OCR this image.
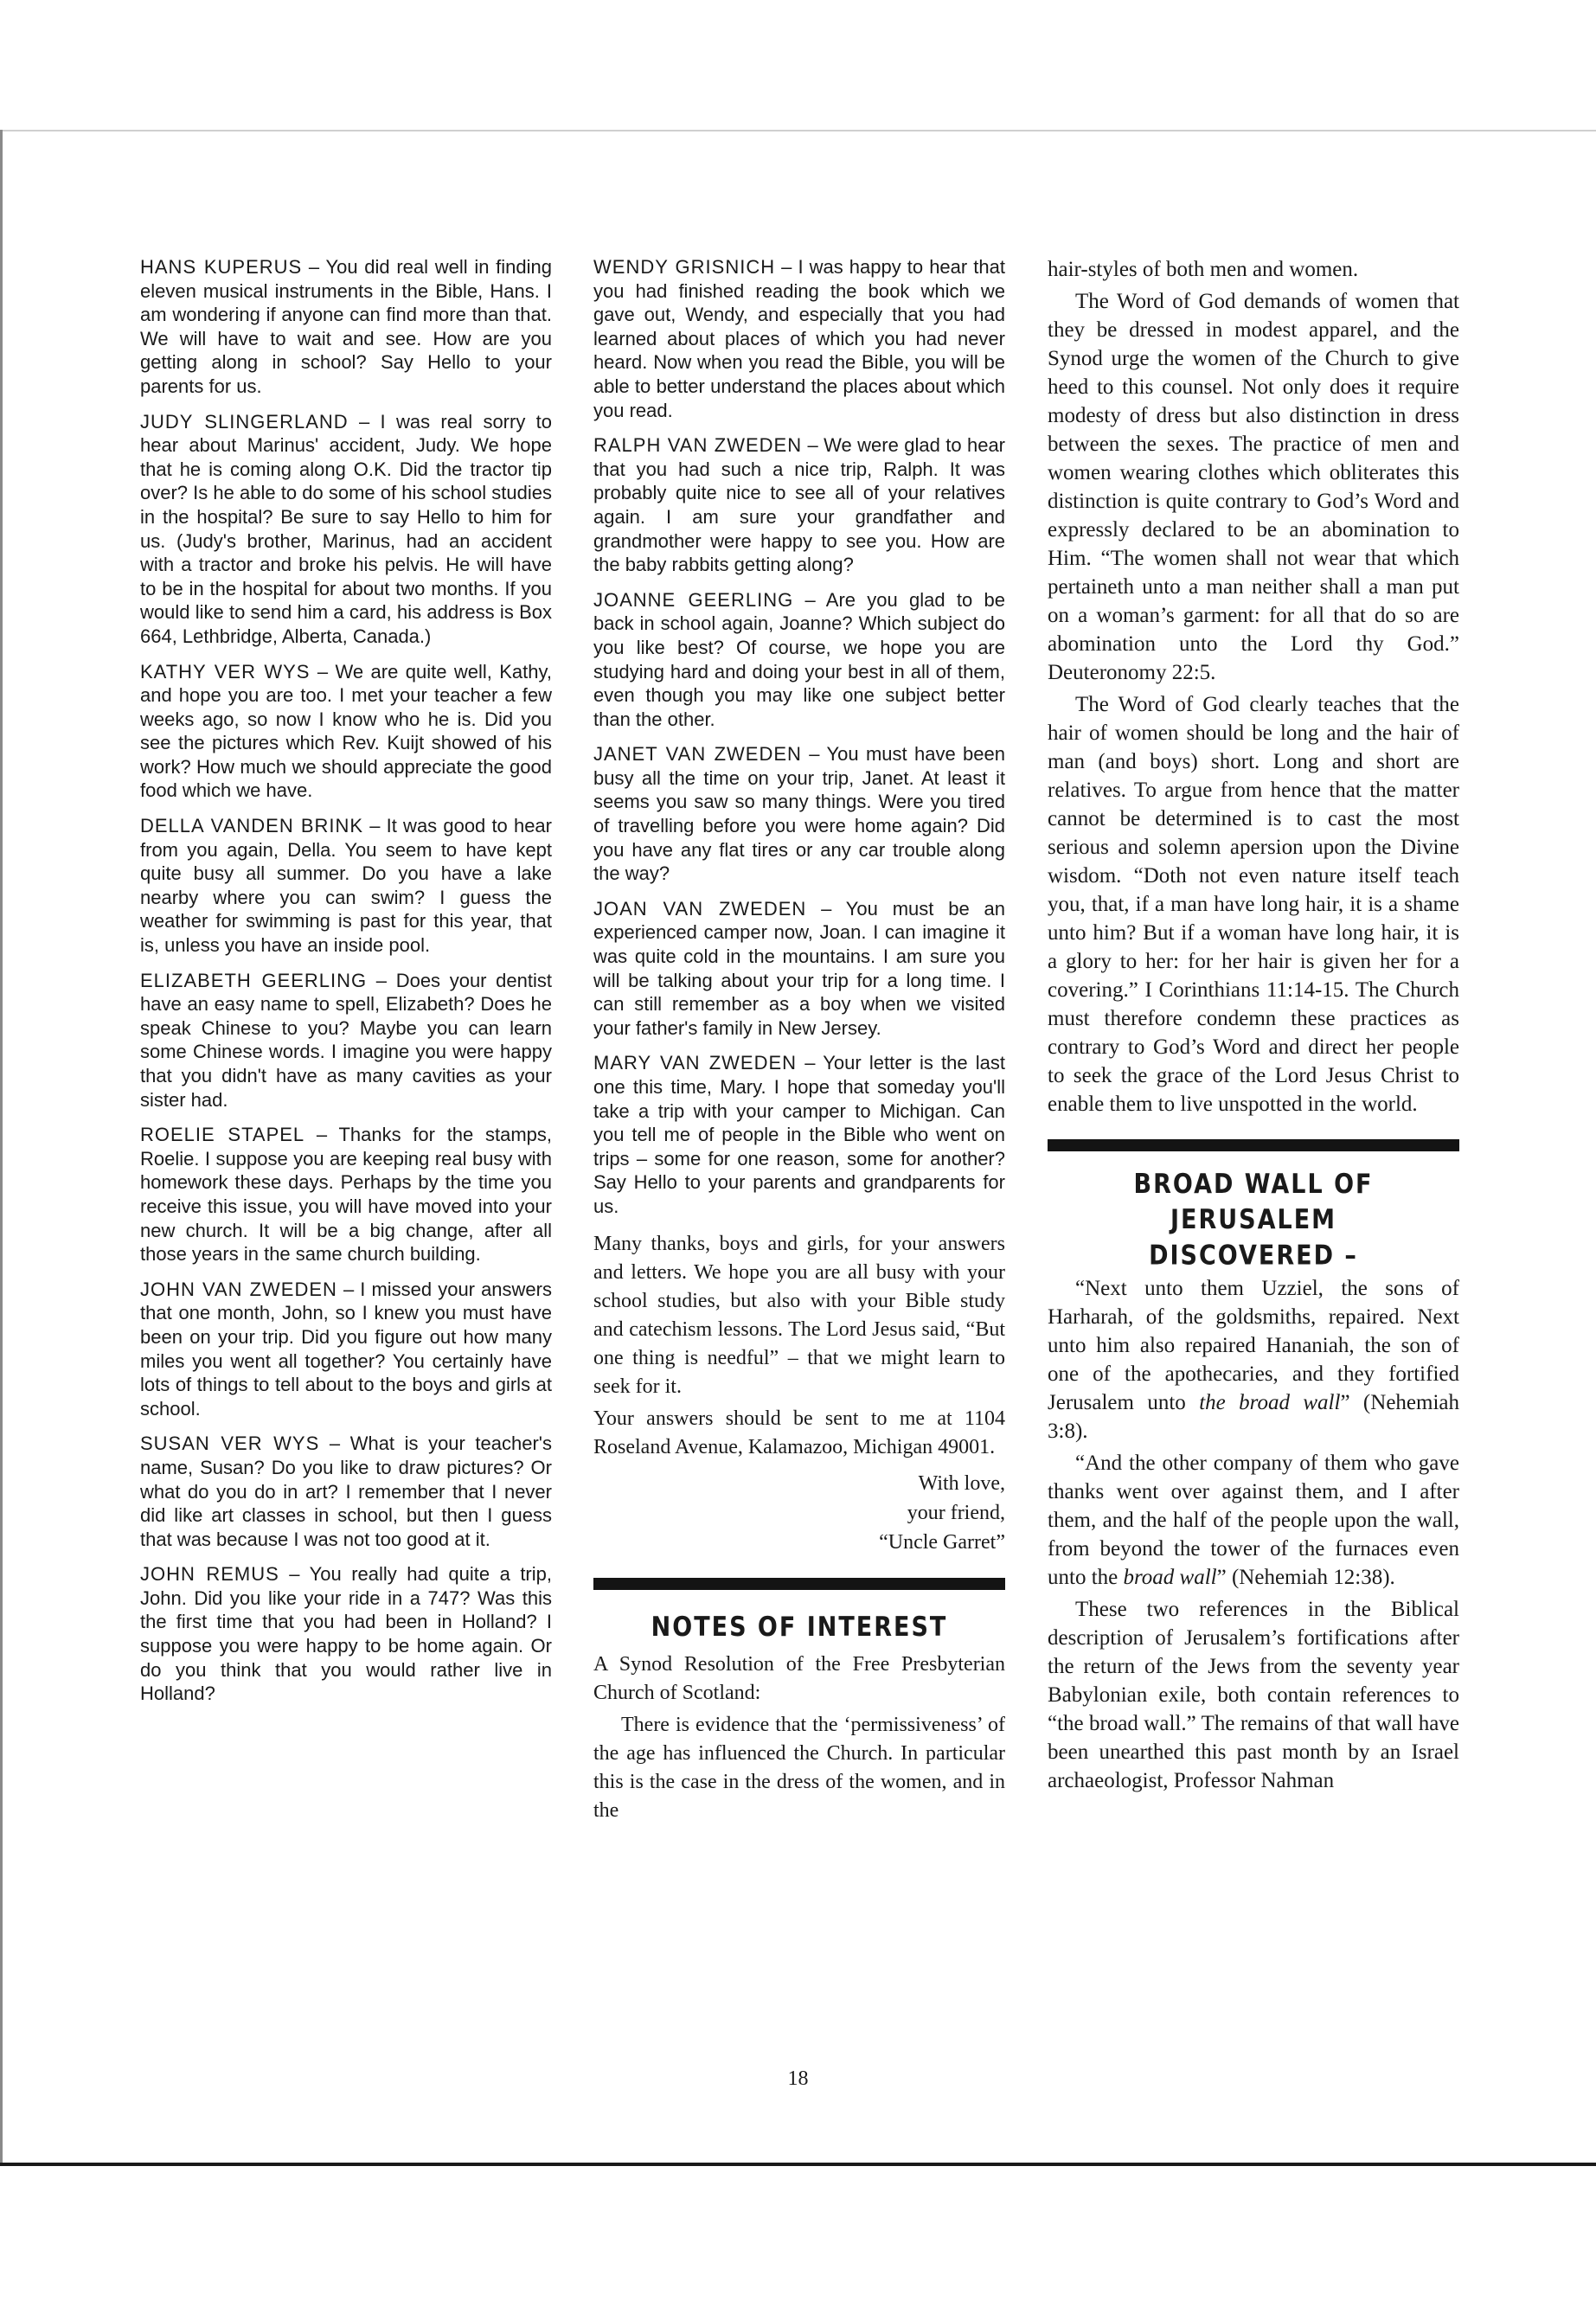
HANS KUPERUS – You did real well in finding eleven musical instruments in the Bible, Hans. I am wondering if anyone can find more than that. We will have to wait and see. How are you getting along in school? Say Hello to your parents for us.

JUDY SLINGERLAND – I was real sorry to hear about Marinus' accident, Judy. We hope that he is coming along O.K. Did the tractor tip over? Is he able to do some of his school studies in the hospital? Be sure to say Hello to him for us. (Judy's brother, Marinus, had an accident with a tractor and broke his pelvis. He will have to be in the hospital for about two months. If you would like to send him a card, his address is Box 664, Lethbridge, Alberta, Canada.)

KATHY VER WYS – We are quite well, Kathy, and hope you are too. I met your teacher a few weeks ago, so now I know who he is. Did you see the pictures which Rev. Kuijt showed of his work? How much we should appreciate the good food which we have.

DELLA VANDEN BRINK – It was good to hear from you again, Della. You seem to have kept quite busy all summer. Do you have a lake nearby where you can swim? I guess the weather for swimming is past for this year, that is, unless you have an inside pool.

ELIZABETH GEERLING – Does your dentist have an easy name to spell, Elizabeth? Does he speak Chinese to you? Maybe you can learn some Chinese words. I imagine you were happy that you didn't have as many cavities as your sister had.

ROELIE STAPEL – Thanks for the stamps, Roelie. I suppose you are keeping real busy with homework these days. Perhaps by the time you receive this issue, you will have moved into your new church. It will be a big change, after all those years in the same church building.

JOHN VAN ZWEDEN – I missed your answers that one month, John, so I knew you must have been on your trip. Did you figure out how many miles you went all together? You certainly have lots of things to tell about to the boys and girls at school.

SUSAN VER WYS – What is your teacher's name, Susan? Do you like to draw pictures? Or what do you do in art? I remember that I never did like art classes in school, but then I guess that was because I was not too good at it.

JOHN REMUS – You really had quite a trip, John. Did you like your ride in a 747? Was this the first time that you had been in Holland? I suppose you were happy to be home again. Or do you think that you would rather live in Holland?

WENDY GRISNICH – I was happy to hear that you had finished reading the book which we gave out, Wendy, and especially that you had learned about places of which you had never heard. Now when you read the Bible, you will be able to better understand the places about which you read.

RALPH VAN ZWEDEN – We were glad to hear that you had such a nice trip, Ralph. It was probably quite nice to see all of your relatives again. I am sure your grandfather and grandmother were happy to see you. How are the baby rabbits getting along?

JOANNE GEERLING – Are you glad to be back in school again, Joanne? Which subject do you like best? Of course, we hope you are studying hard and doing your best in all of them, even though you may like one subject better than the other.

JANET VAN ZWEDEN – You must have been busy all the time on your trip, Janet. At least it seems you saw so many things. Were you tired of travelling before you were home again? Did you have any flat tires or any car trouble along the way?

JOAN VAN ZWEDEN – You must be an experienced camper now, Joan. I can imagine it was quite cold in the mountains. I am sure you will be talking about your trip for a long time. I can still remember as a boy when we visited your father's family in New Jersey.

MARY VAN ZWEDEN – Your letter is the last one this time, Mary. I hope that someday you'll take a trip with your camper to Michigan. Can you tell me of people in the Bible who went on trips – some for one reason, some for another? Say Hello to your parents and grandparents for us.

Many thanks, boys and girls, for your answers and letters. We hope you are all busy with your school studies, but also with your Bible study and catechism lessons. The Lord Jesus said, “But one thing is needful” – that we might learn to seek for it.

Your answers should be sent to me at 1104 Roseland Avenue, Kalamazoo, Michigan 49001.

With love,
your friend,
“Uncle Garret”
NOTES OF INTEREST

A Synod Resolution of the Free Presbyterian Church of Scotland:

There is evidence that the ‘permissiveness’ of the age has influenced the Church. In particular this is the case in the dress of the women, and in the

hair-styles of both men and women.

The Word of God demands of women that they be dressed in modest apparel, and the Synod urge the women of the Church to give heed to this counsel. Not only does it require modesty of dress but also distinction in dress between the sexes. The practice of men and women wearing clothes which obliterates this distinction is quite contrary to God’s Word and expressly declared to be an abomination to Him. “The women shall not wear that which pertaineth unto a man neither shall a man put on a woman’s garment: for all that do so are abomination unto the Lord thy God.” Deuteronomy 22:5.

The Word of God clearly teaches that the hair of women should be long and the hair of man (and boys) short. Long and short are relatives. To argue from hence that the matter cannot be determined is to cast the most serious and solemn apersion upon the Divine wisdom. “Doth not even nature itself teach you, that, if a man have long hair, it is a shame unto him? But if a woman have long hair, it is a glory to her: for her hair is given her for a covering.” I Corinthians 11:14-15. The Church must therefore condemn these practices as contrary to God’s Word and direct her people to seek the grace of the Lord Jesus Christ to enable them to live unspotted in the world.

BROAD WALL OF JERUSALEM
DISCOVERED –

“Next unto them Uzziel, the sons of Harharah, of the goldsmiths, repaired. Next unto him also repaired Hananiah, the son of one of the apothecaries, and they fortified Jerusalem unto the broad wall” (Nehemiah 3:8).

“And the other company of them who gave thanks went over against them, and I after them, and the half of the people upon the wall, from beyond the tower of the furnaces even unto the broad wall” (Nehemiah 12:38).

These two references in the Biblical description of Jerusalem’s fortifications after the return of the Jews from the seventy year Babylonian exile, both contain references to “the broad wall.” The remains of that wall have been unearthed this past month by an Israel archaeologist, Professor Nahman

18
